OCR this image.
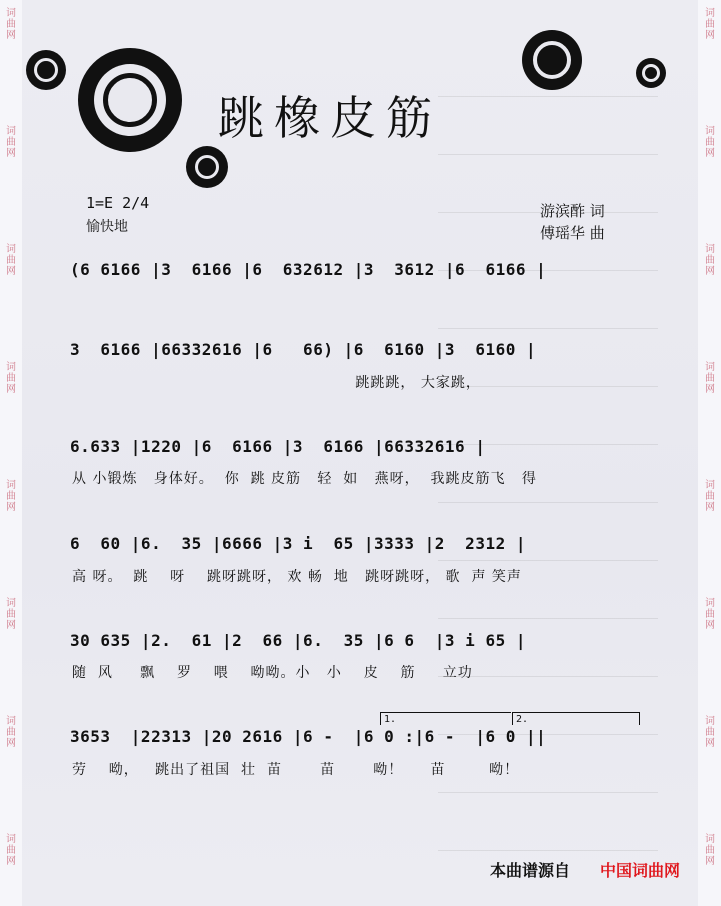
词
曲
网
词
曲
网
词
曲
网
词
曲
网
词
曲
网
词
曲
网
词
曲
网
词
曲
网
词
曲
网
词
曲
网
词
曲
网
词
曲
网
词
曲
网
词
曲
网
词
曲
网
词
曲
网
跳橡皮筋
1=E 2/4
愉快地
游滨酢 词
傅瑶华 曲
(6 6166 |3  6166 |6  632612 |3  3612 |6  6166 |
3  6166 |66332616 |6   66) |6  6160 |3  6160 |
跳跳跳， 大家跳，
6.633 |1220 |6  6166 |3  6166 |66332616 |
从 小锻炼   身体好。  你  跳 皮筋   轻  如   燕呀，  我跳皮筋飞   得
6  60 |6.  35 |6666 |3 i  65 |3333 |2  2312 |
高 呀。  跳    呀    跳呀跳呀， 欢 畅  地   跳呀跳呀， 歌  声 笑声
30 635 |2.  61 |2  66 |6.  35 |6 6  |3 i 65 |
随  风     飘    罗    喂    呦呦。小   小    皮    筋     立功
1.	2.
3653  |22313 |20 2616 |6 -  |6 0 :|6 -  |6 0 ||
劳    呦，   跳出了祖国  壮  苗       苗       呦！     苗        呦！
本曲谱源自 中国词曲网
